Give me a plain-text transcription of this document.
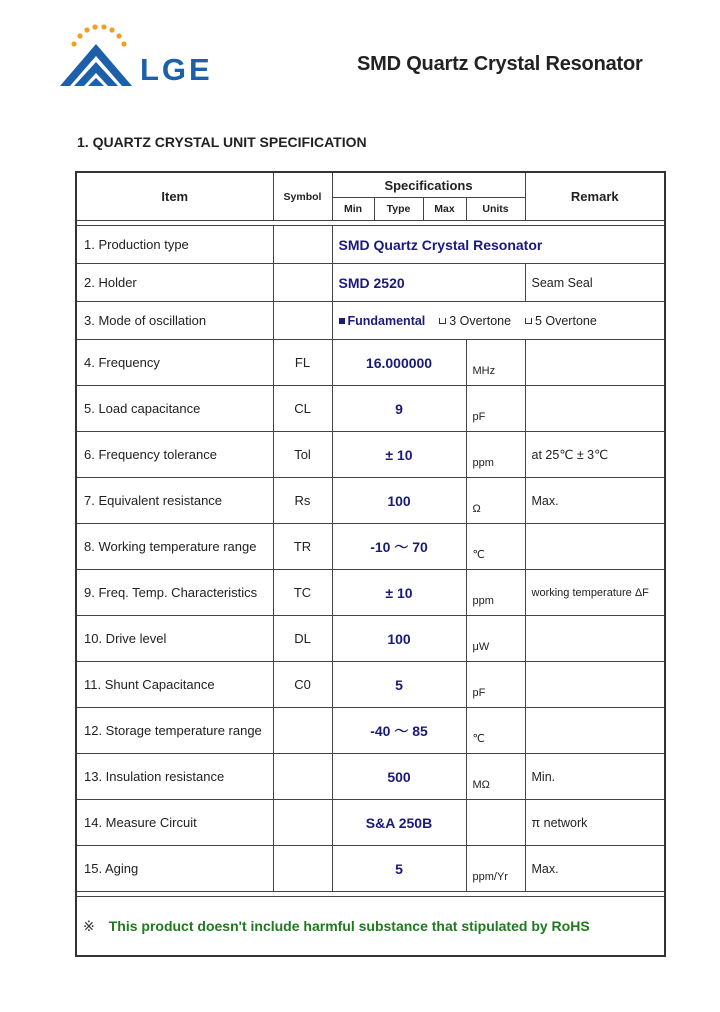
LGE	SMD Quartz Crystal Resonator
1. QUARTZ CRYSTAL UNIT SPECIFICATION
Item	Symbol	Specifications				Remark
		Min	Type	Max	Units	

1. Production type		SMD Quartz Crystal Resonator				
2. Holder		SMD 2520				Seam Seal
3. Mode of oscillation		Fundamental 3 Overtone 5 Overtone				
4. Frequency	FL	16.000000			MHz	
5. Load capacitance	CL	9			pF	
6. Frequency tolerance	Tol	± 10			ppm	at 25℃ ± 3℃
7. Equivalent resistance	Rs	100			Ω	Max.
8. Working temperature range	TR	-10 ～ 70			℃	
9. Freq. Temp. Characteristics	TC	± 10			ppm	working temperature ΔF
10. Drive level	DL	100			μW	
11. Shunt Capacitance	C0	5			pF	
12. Storage temperature range		-40 ～ 85			℃	
13. Insulation resistance		500			MΩ	Min.
14. Measure Circuit		S&A 250B				π network
15. Aging		5			ppm/Yr	Max.

※ This product doesn't include harmful substance that stipulated by RoHS						
